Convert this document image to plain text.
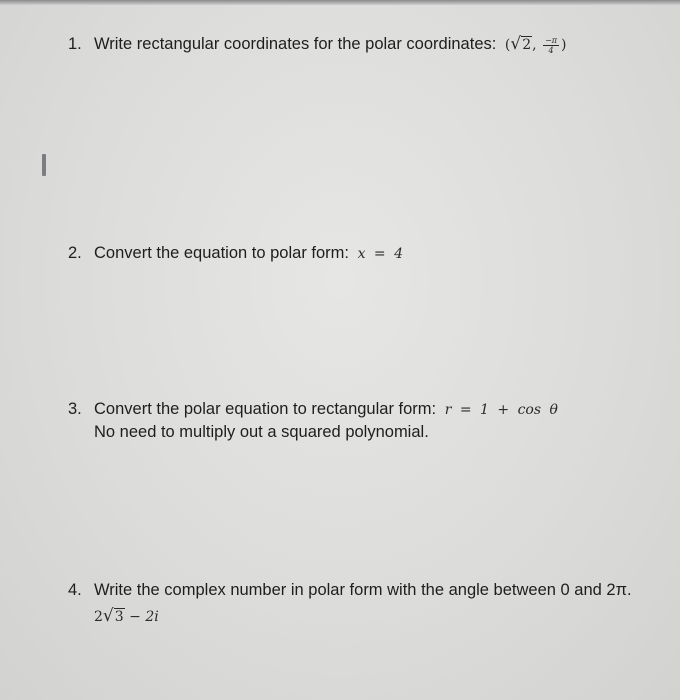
1. Write rectangular coordinates for the polar coordinates: (√2, $\frac{-\pi}{4}$ )
2. Convert the equation to polar form: x = 4
3. Convert the polar equation to rectangular form: r = 1 + cos θ
No need to multiply out a squared polynomial.
4. Write the complex number in polar form with the angle between 0 and 2π.
2√3 − 2i
